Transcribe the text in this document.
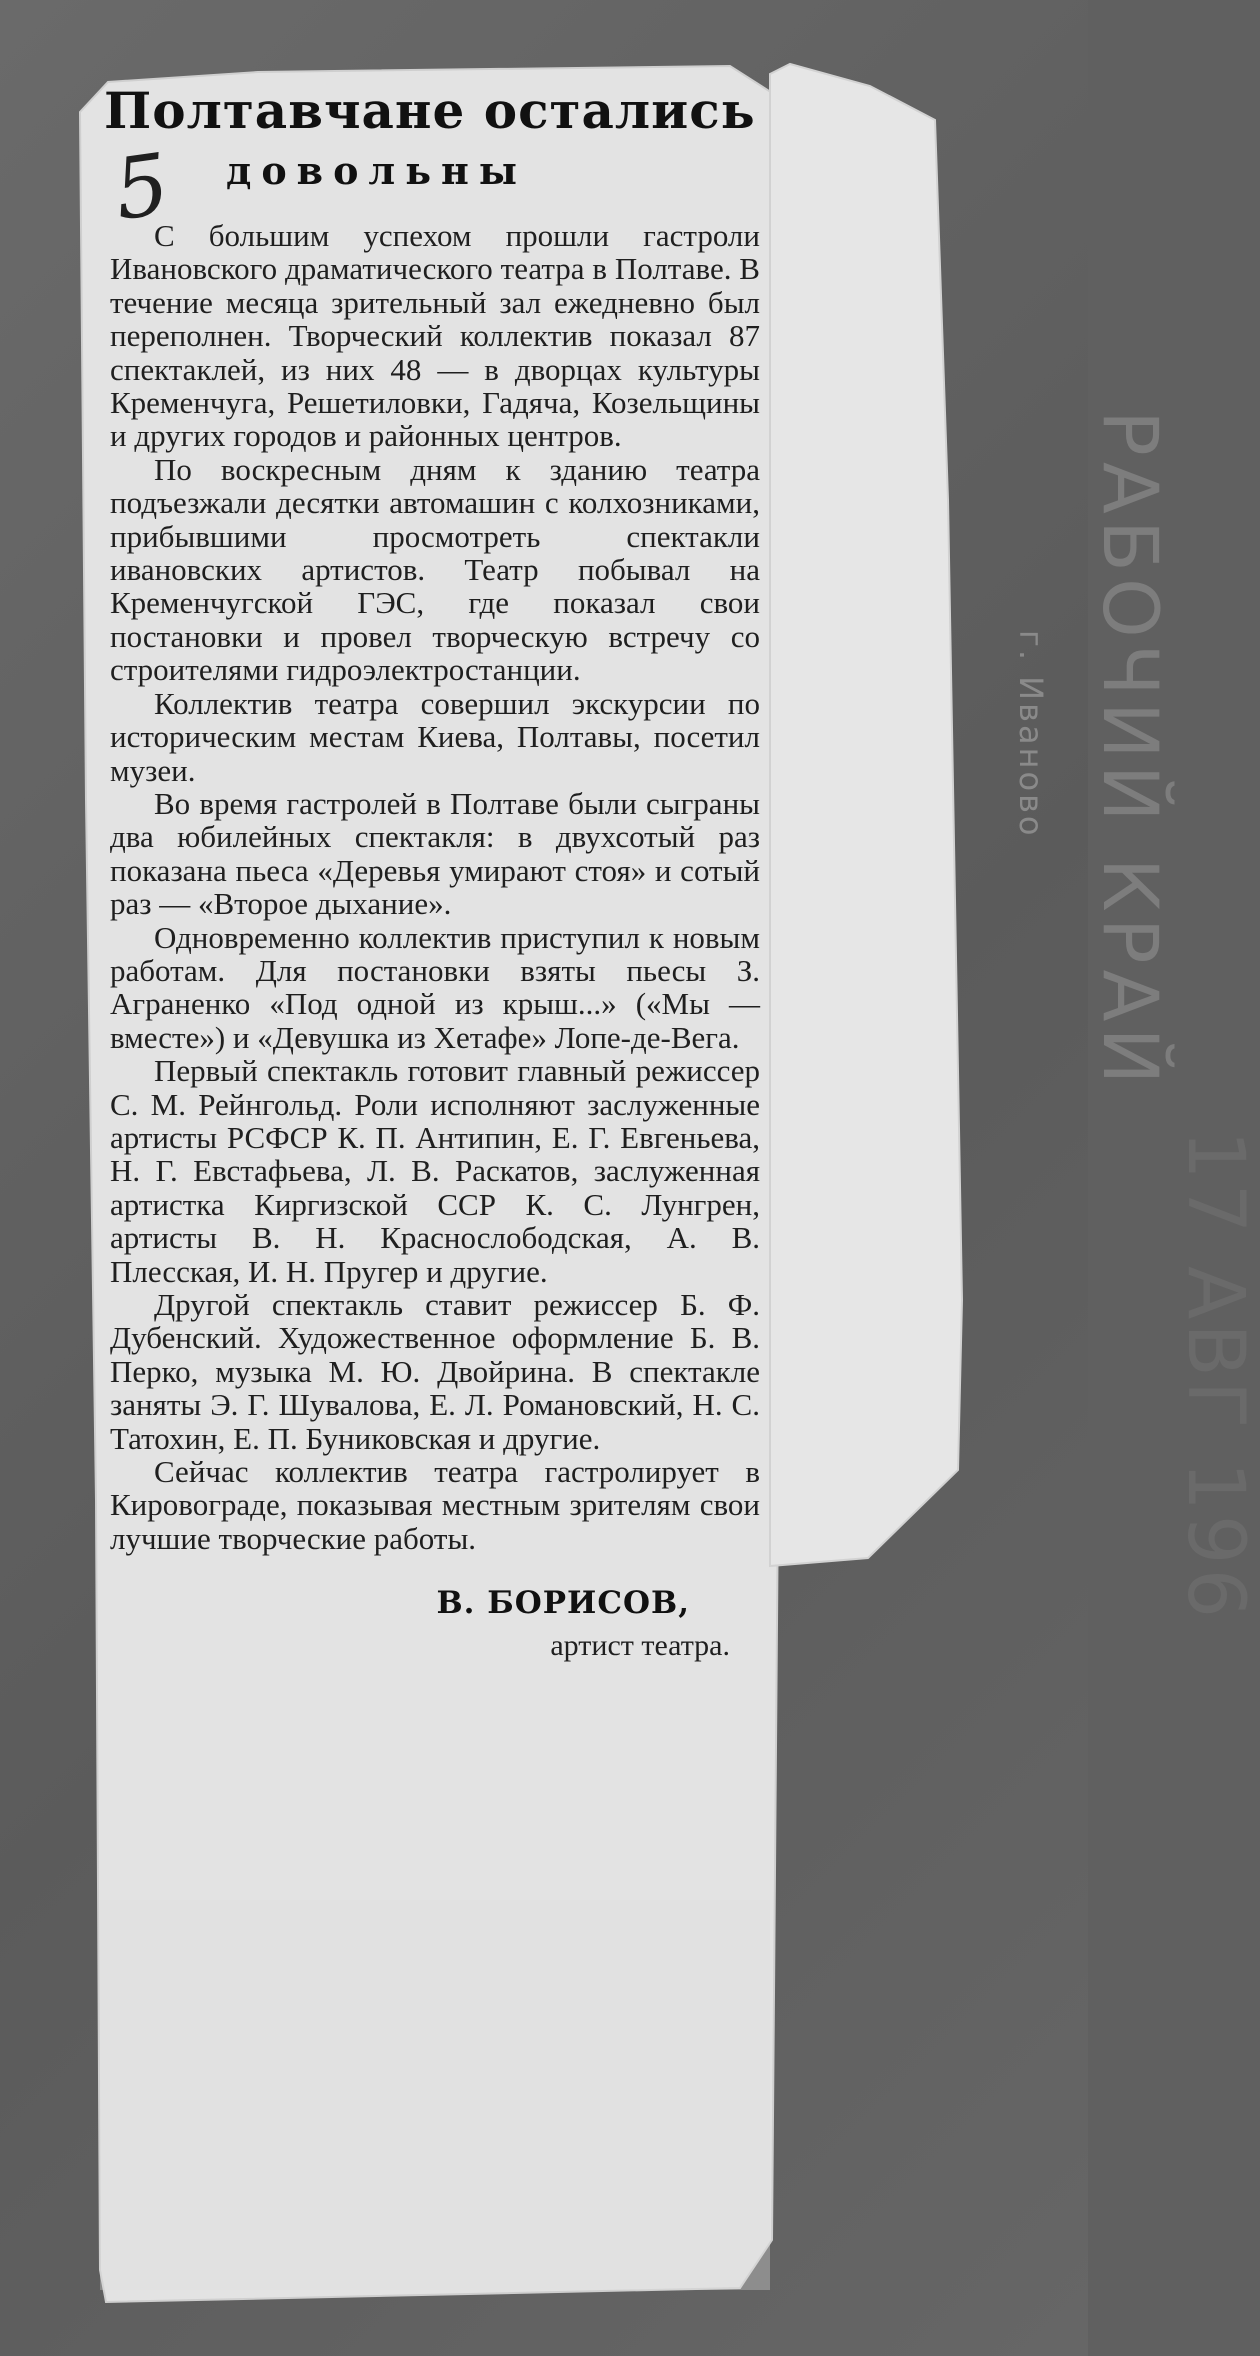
РАБОЧИЙ КРАЙ
г. Иваново
17 АВГ 196
5
Полтавчане остались
довольны

С большим успехом прошли гастроли Ивановского драматического театра в Полтаве. В течение месяца зрительный зал ежедневно был переполнен. Творческий коллектив показал 87 спектаклей, из них 48 — в дворцах культуры Кременчуга, Решетиловки, Гадяча, Козельщины и других городов и районных центров.

По воскресным дням к зданию театра подъезжали десятки автомашин с колхозниками, прибывшими просмотреть спектакли ивановских артистов. Театр побывал на Кременчугской ГЭС, где показал свои постановки и провел творческую встречу со строителями гидроэлектростанции.

Коллектив театра совершил экскурсии по историческим местам Киева, Полтавы, посетил музеи.

Во время гастролей в Полтаве были сыграны два юбилейных спектакля: в двухсотый раз показана пьеса «Деревья умирают стоя» и сотый раз — «Второе дыхание».

Одновременно коллектив приступил к новым работам. Для постановки взяты пьесы З. Аграненко «Под одной из крыш...» («Мы — вместе») и «Девушка из Хетафе» Лопе-де-Вега.

Первый спектакль готовит главный режиссер С. М. Рейнгольд. Роли исполняют заслуженные артисты РСФСР К. П. Антипин, Е. Г. Евгеньева, Н. Г. Евстафьева, Л. В. Раскатов, заслуженная артистка Киргизской ССР К. С. Лунгрен, артисты В. Н. Краснослободская, А. В. Плесская, И. Н. Пругер и другие.

Другой спектакль ставит режиссер Б. Ф. Дубенский. Художественное оформление Б. В. Перко, музыка М. Ю. Двойрина. В спектакле заняты Э. Г. Шувалова, Е. Л. Романовский, Н. С. Татохин, Е. П. Буниковская и другие.

Сейчас коллектив театра гастролирует в Кировограде, показывая местным зрителям свои лучшие творческие работы.

В. БОРИСОВ,
артист театра.
